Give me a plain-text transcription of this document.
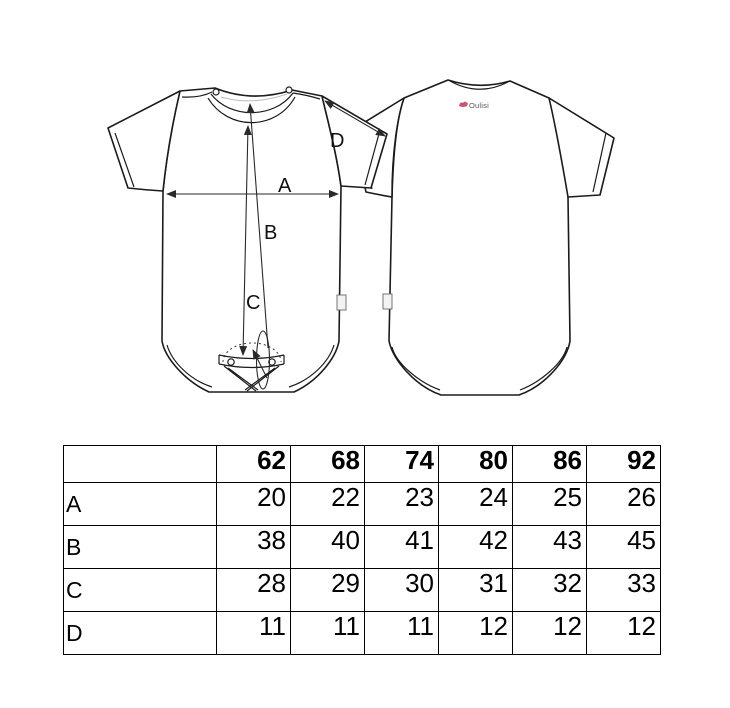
Oulisi
A
B
C
D
	62	68	74	80	86	92
A	20	22	23	24	25	26
B	38	40	41	42	43	45
C	28	29	30	31	32	33
D	11	11	11	12	12	12
